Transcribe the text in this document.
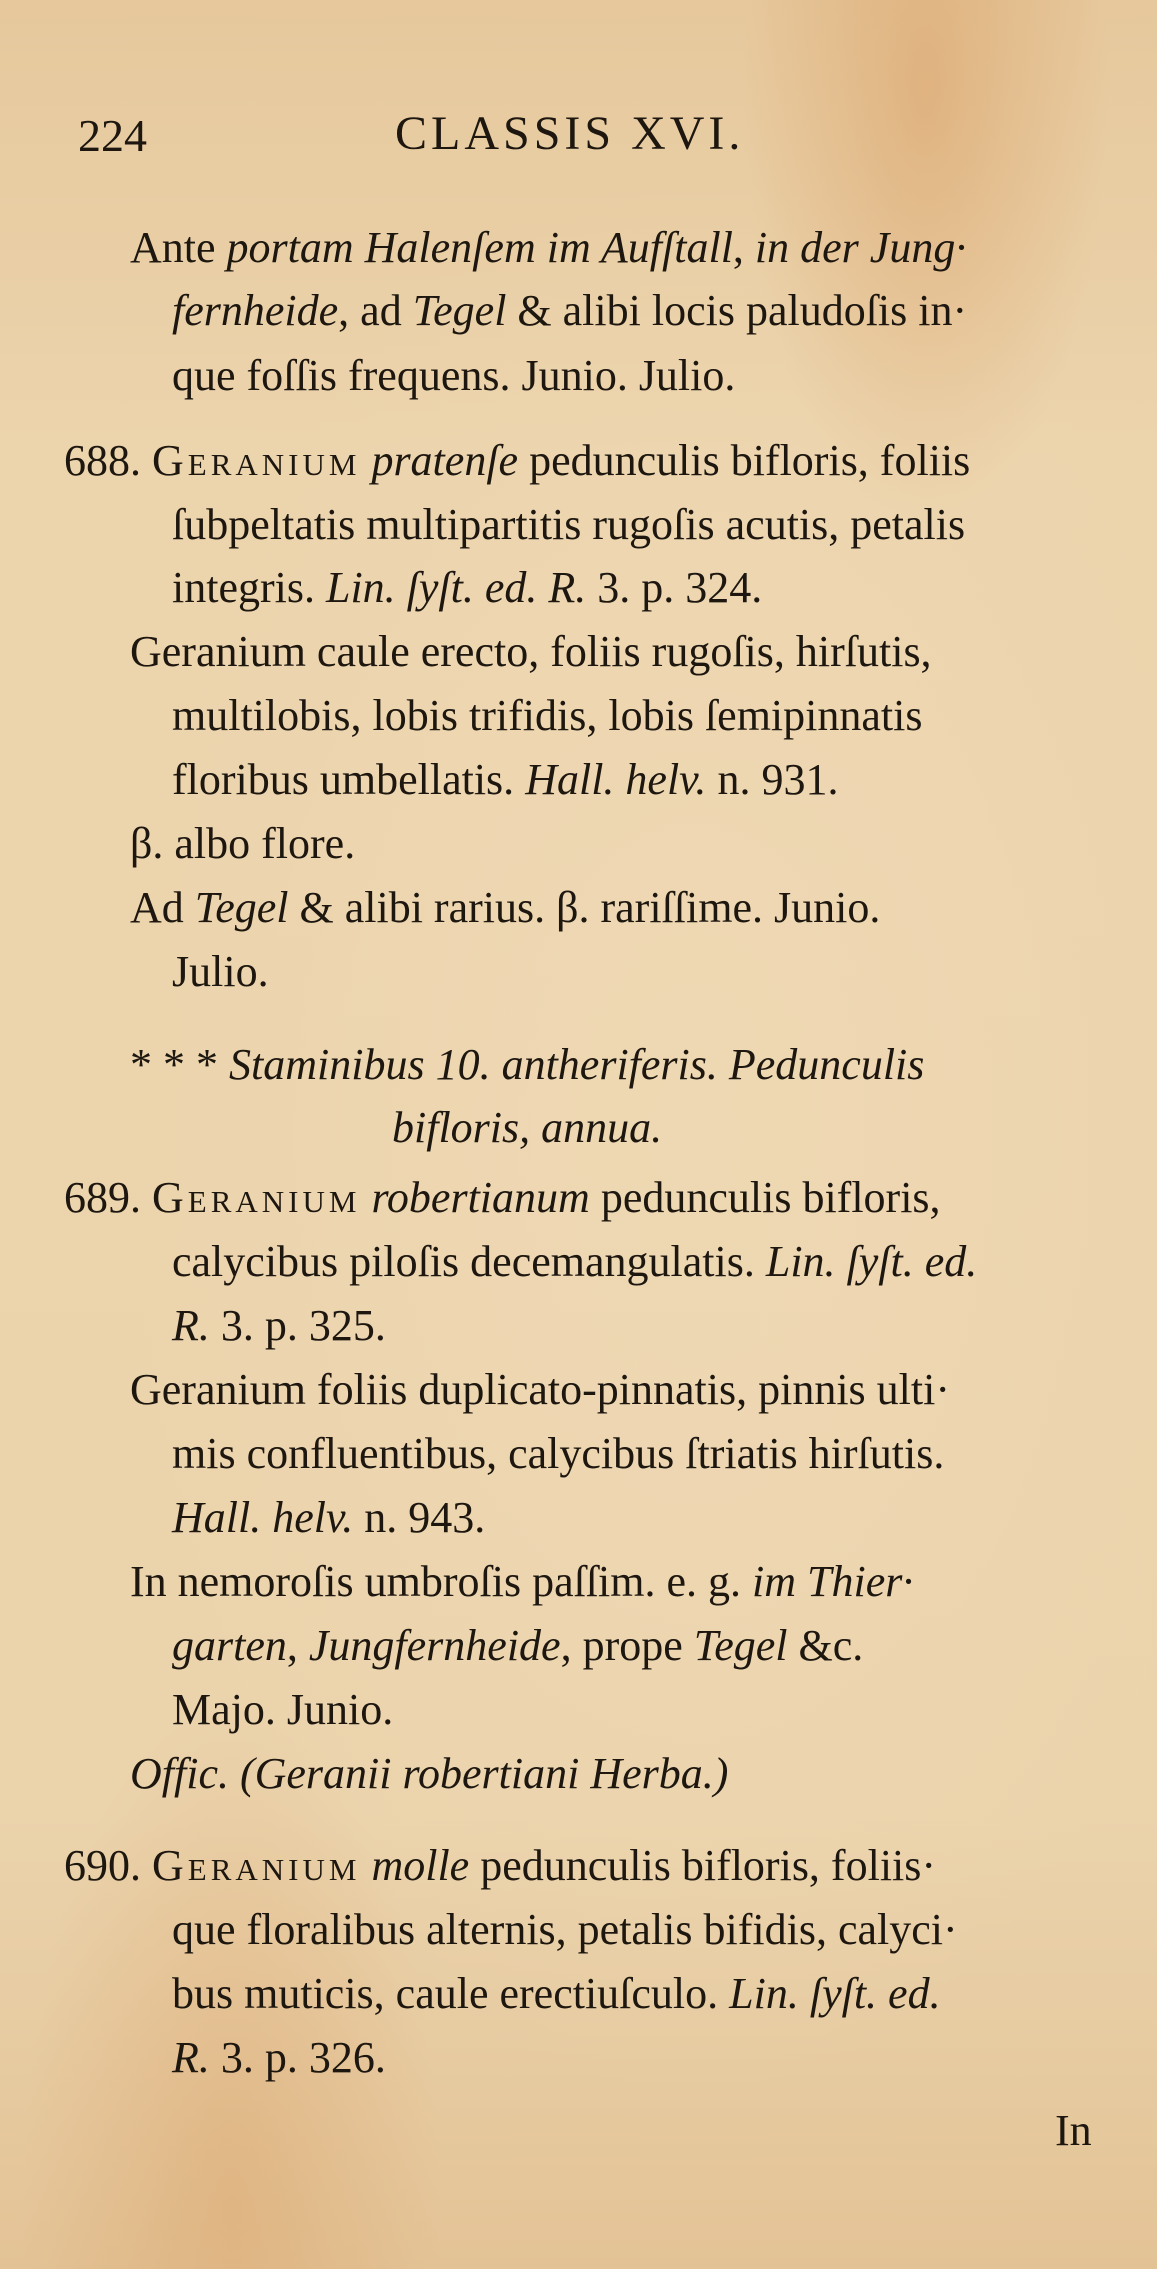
224	CLASSIS XVI.
Ante portam Halenſem im Aufſtall, in der Jung·
fernheide, ad Tegel & alibi locis paludoſis in·
que foſſis frequens. Junio. Julio.
688. Geranium pratenſe pedunculis bifloris, foliis
ſubpeltatis multipartitis rugoſis acutis, petalis
integris. Lin. ſyſt. ed. R. 3. p. 324.
Geranium caule erecto, foliis rugoſis, hirſutis,
multilobis, lobis trifidis, lobis ſemipinnatis
floribus umbellatis. Hall. helv. n. 931.
β. albo flore.
Ad Tegel & alibi rarius. β. rariſſime. Junio.
Julio.
* * * Staminibus 10. antheriferis. Pedunculis
bifloris, annua.
689. Geranium robertianum pedunculis bifloris,
calycibus piloſis decemangulatis. Lin. ſyſt. ed.
R. 3. p. 325.
Geranium foliis duplicato-pinnatis, pinnis ulti·
mis confluentibus, calycibus ſtriatis hirſutis.
Hall. helv. n. 943.
In nemoroſis umbroſis paſſim. e. g. im Thier·
garten, Jungfernheide, prope Tegel &c.
Majo. Junio.
Offic. (Geranii robertiani Herba.)
690. Geranium molle pedunculis bifloris, foliis·
que floralibus alternis, petalis bifidis, calyci·
bus muticis, caule erectiuſculo. Lin. ſyſt. ed.
R. 3. p. 326.
In
